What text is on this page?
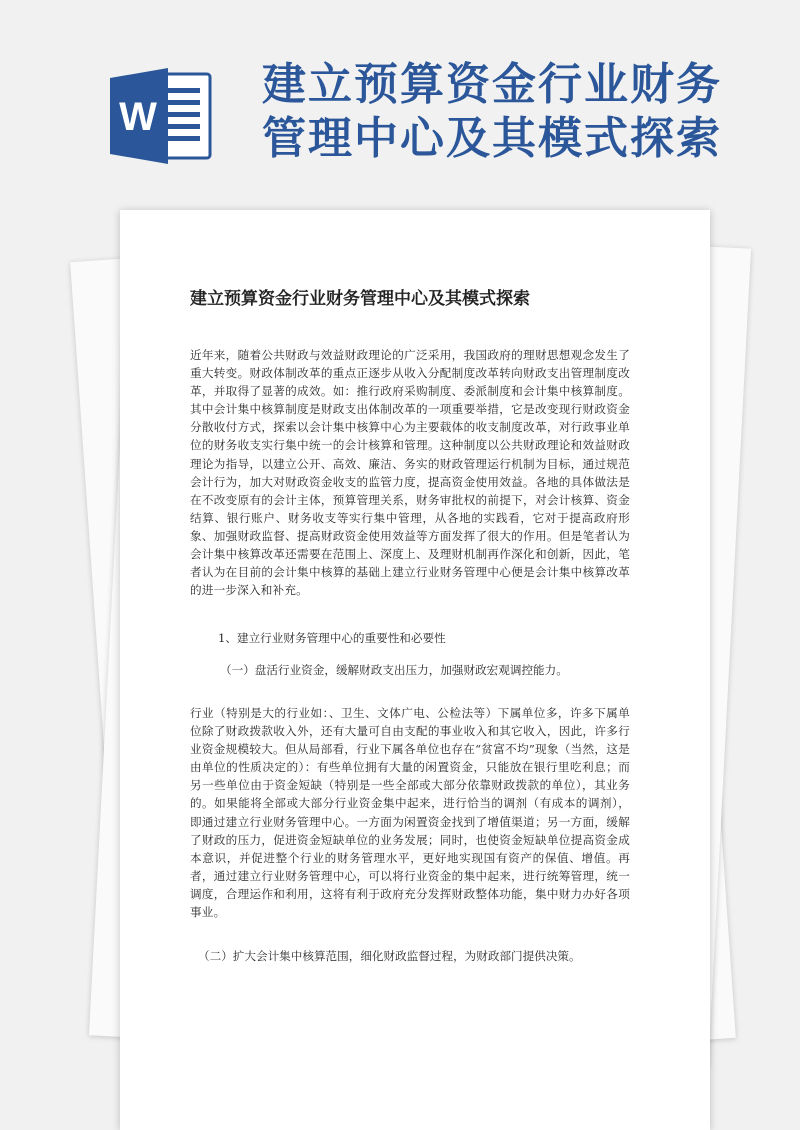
W
建立预算资金行业财务
管理中心及其模式探索
建立预算资金行业财务管理中心及其模式探索
近年来，随着公共财政与效益财政理论的广泛采用，我国政府的理财思想观念发生了重大转变。财政体制改革的重点正逐步从收入分配制度改革转向财政支出管理制度改革，并取得了显著的成效。如：推行政府采购制度、委派制度和会计集中核算制度。其中会计集中核算制度是财政支出体制改革的一项重要举措，它是改变现行财政资金分散收付方式，探索以会计集中核算中心为主要载体的收支制度改革，对行政事业单位的财务收支实行集中统一的会计核算和管理。这种制度以公共财政理论和效益财政理论为指导，以建立公开、高效、廉洁、务实的财政管理运行机制为目标，通过规范会计行为，加大对财政资金收支的监管力度，提高资金使用效益。各地的具体做法是在不改变原有的会计主体，预算管理关系，财务审批权的前提下，对会计核算、资金结算、银行账户、财务收支等实行集中管理，从各地的实践看，它对于提高政府形象、加强财政监督、提高财政资金使用效益等方面发挥了很大的作用。但是笔者认为会计集中核算改革还需要在范围上、深度上、及理财机制再作深化和创新，因此，笔者认为在目前的会计集中核算的基础上建立行业财务管理中心便是会计集中核算改革的进一步深入和补充。
1、建立行业财务管理中心的重要性和必要性
（一）盘活行业资金，缓解财政支出压力，加强财政宏观调控能力。
行业（特别是大的行业如：、卫生、文体广电、公检法等）下属单位多，许多下属单位除了财政拨款收入外，还有大量可自由支配的事业收入和其它收入，因此，许多行业资金规模较大。但从局部看，行业下属各单位也存在“贫富不均”现象（当然，这是由单位的性质决定的）：有些单位拥有大量的闲置资金，只能放在银行里吃利息；而另一些单位由于资金短缺（特别是一些全部或大部分依靠财政拨款的单位），其业务的。如果能将全部或大部分行业资金集中起来，进行恰当的调剂（有成本的调剂），即通过建立行业财务管理中心。一方面为闲置资金找到了增值渠道；另一方面，缓解了财政的压力，促进资金短缺单位的业务发展；同时，也使资金短缺单位提高资金成本意识，并促进整个行业的财务管理水平，更好地实现国有资产的保值、增值。再者，通过建立行业财务管理中心，可以将行业资金的集中起来，进行统筹管理，统一调度，合理运作和利用，这将有利于政府充分发挥财政整体功能，集中财力办好各项事业。
（二）扩大会计集中核算范围，细化财政监督过程，为财政部门提供决策。
